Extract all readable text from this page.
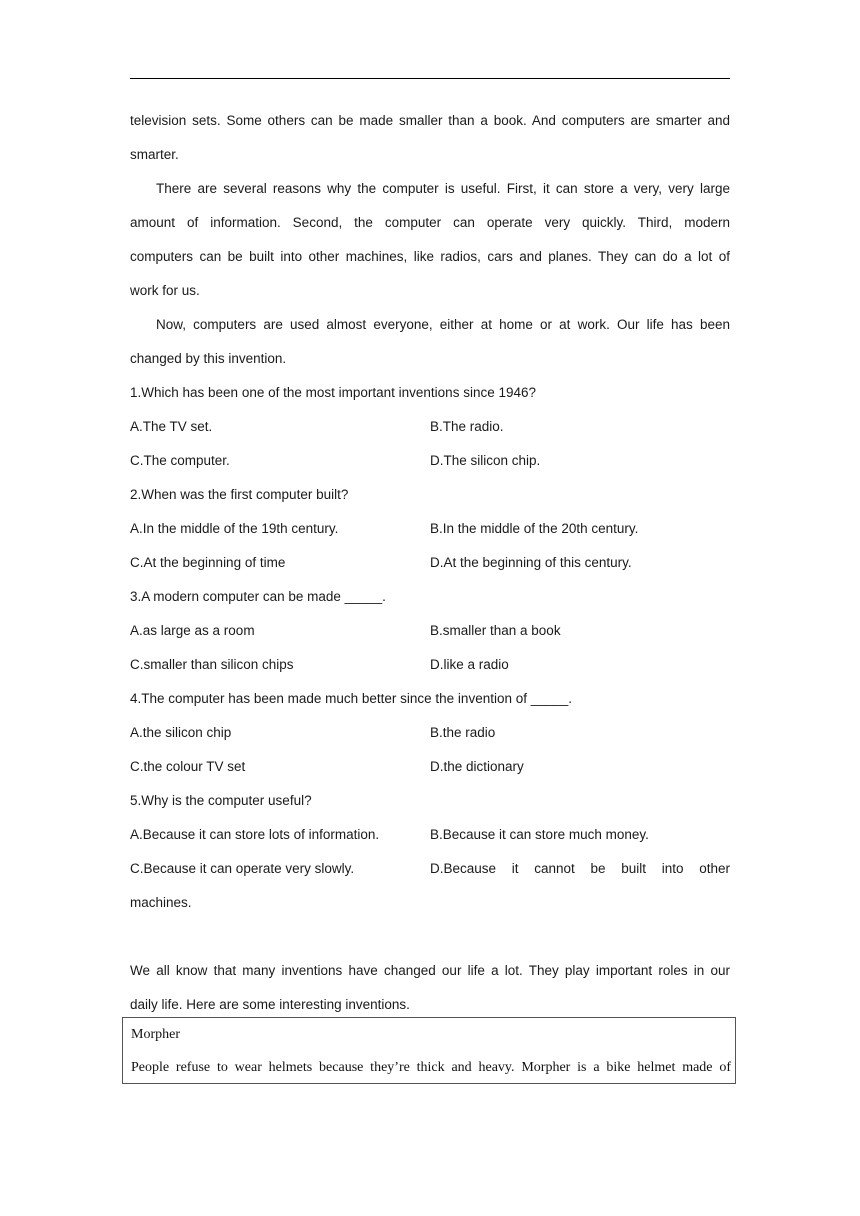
television sets. Some others can be made smaller than a book. And computers are smarter and
smarter.
There are several reasons why the computer is useful. First, it can store a very, very large
amount of information. Second, the computer can operate very quickly. Third, modern
computers can be built into other machines, like radios, cars and planes. They can do a lot of
work for us.
Now, computers are used almost everyone, either at home or at work. Our life has been
changed by this invention.
1.Which has been one of the most important inventions since 1946?
A.The TV set.	B.The radio.
C.The computer.	D.The silicon chip.
2.When was the first computer built?
A.In the middle of the 19th century.	B.In the middle of the 20th century.
C.At the beginning of time	D.At the beginning of this century.
3.A modern computer can be made _____.
A.as large as a room	B.smaller than a book
C.smaller than silicon chips	D.like a radio
4.The computer has been made much better since the invention of _____.
A.the silicon chip	B.the radio
C.the colour TV set	D.the dictionary
5.Why is the computer useful?
A.Because it can store lots of information.	B.Because it can store much money.
C.Because it can operate very slowly.	D.Because it cannot be built into other
machines.
We all know that many inventions have changed our life a lot. They play important roles in our
daily life. Here are some interesting inventions.
Morpher
People refuse to wear helmets because they’re thick and heavy. Morpher is a bike helmet made of
